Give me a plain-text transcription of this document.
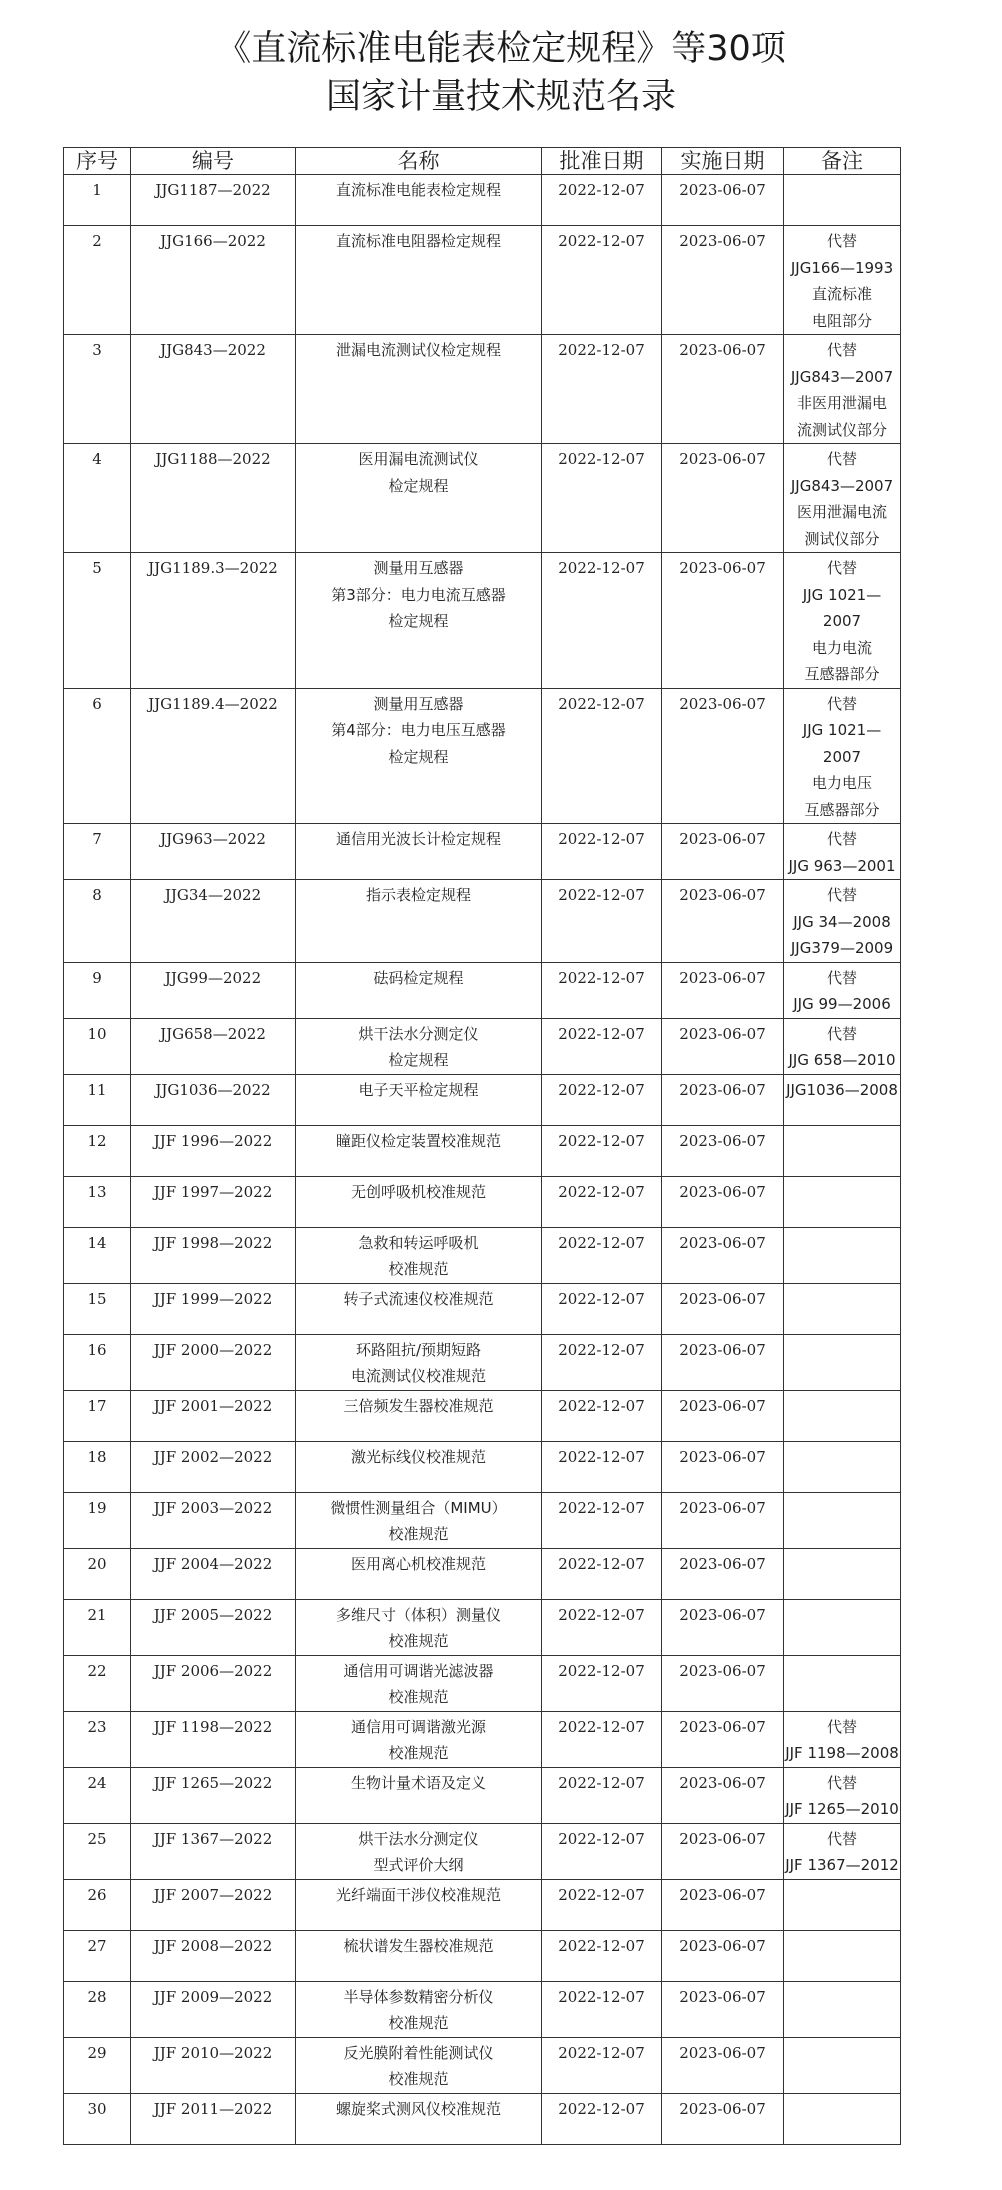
《直流标准电能表检定规程》等30项
国家计量技术规范名录
序号	编号	名称	批准日期	实施日期	备注
1	JJG1187—2022	直流标准电能表检定规程	2022-12-07	2023-06-07	
2	JJG166—2022	直流标准电阻器检定规程	2022-12-07	2023-06-07	代替
JJG166—1993
直流标准
电阻部分

3	JJG843—2022	泄漏电流测试仪检定规程	2022-12-07	2023-06-07	代替
JJG843—2007
非医用泄漏电
流测试仪部分

4	JJG1188—2022	医用漏电流测试仪
检定规程	2022-12-07	2023-06-07	代替
JJG843—2007
医用泄漏电流
测试仪部分

5	JJG1189.3—2022	测量用互感器
第3部分：电力电流互感器
检定规程	2022-12-07	2023-06-07	代替
JJG 1021—
2007
电力电流
互感器部分

6	JJG1189.4—2022	测量用互感器
第4部分：电力电压互感器
检定规程	2022-12-07	2023-06-07	代替
JJG 1021—
2007
电力电压
互感器部分

7	JJG963—2022	通信用光波长计检定规程	2022-12-07	2023-06-07	代替
JJG 963—2001

8	JJG34—2022	指示表检定规程	2022-12-07	2023-06-07	代替
JJG 34—2008
JJG379—2009

9	JJG99—2022	砝码检定规程	2022-12-07	2023-06-07	代替
JJG 99—2006

10	JJG658—2022	烘干法水分测定仪
检定规程	2022-12-07	2023-06-07	代替
JJG 658—2010

11	JJG1036—2022	电子天平检定规程	2022-12-07	2023-06-07	JJG1036—2008

12	JJF 1996—2022	瞳距仪检定装置校准规范	2022-12-07	2023-06-07	
13	JJF 1997—2022	无创呼吸机校准规范	2022-12-07	2023-06-07	
14	JJF 1998—2022	急救和转运呼吸机
校准规范	2022-12-07	2023-06-07	
15	JJF 1999—2022	转子式流速仪校准规范	2022-12-07	2023-06-07	
16	JJF 2000—2022	环路阻抗/预期短路
电流测试仪校准规范	2022-12-07	2023-06-07	
17	JJF 2001—2022	三倍频发生器校准规范	2022-12-07	2023-06-07	
18	JJF 2002—2022	激光标线仪校准规范	2022-12-07	2023-06-07	
19	JJF 2003—2022	微惯性测量组合（MIMU）
校准规范	2022-12-07	2023-06-07	
20	JJF 2004—2022	医用离心机校准规范	2022-12-07	2023-06-07	
21	JJF 2005—2022	多维尺寸（体积）测量仪
校准规范	2022-12-07	2023-06-07	
22	JJF 2006—2022	通信用可调谐光滤波器
校准规范	2022-12-07	2023-06-07	
23	JJF 1198—2022	通信用可调谐激光源
校准规范	2022-12-07	2023-06-07	代替
JJF 1198—2008

24	JJF 1265—2022	生物计量术语及定义	2022-12-07	2023-06-07	代替
JJF 1265—2010

25	JJF 1367—2022	烘干法水分测定仪
型式评价大纲	2022-12-07	2023-06-07	代替
JJF 1367—2012

26	JJF 2007—2022	光纤端面干涉仪校准规范	2022-12-07	2023-06-07	
27	JJF 2008—2022	梳状谱发生器校准规范	2022-12-07	2023-06-07	
28	JJF 2009—2022	半导体参数精密分析仪
校准规范	2022-12-07	2023-06-07	
29	JJF 2010—2022	反光膜附着性能测试仪
校准规范	2022-12-07	2023-06-07	
30	JJF 2011—2022	螺旋桨式测风仪校准规范	2022-12-07	2023-06-07	
